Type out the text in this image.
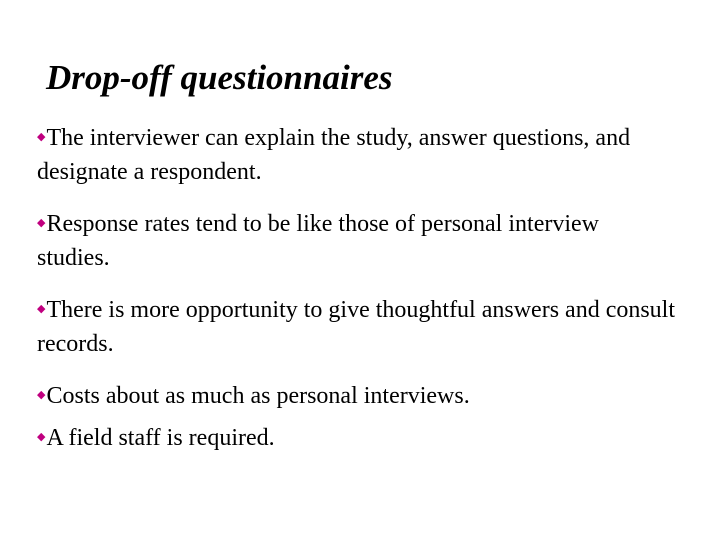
Drop-off questionnaires
◆The interviewer can explain the study, answer questions, and designate a respondent.
◆Response rates tend to be like those of personal interview studies.
◆There is more opportunity to give thoughtful answers and consult records.
◆Costs about as much as personal interviews.
◆A field staff is required.
